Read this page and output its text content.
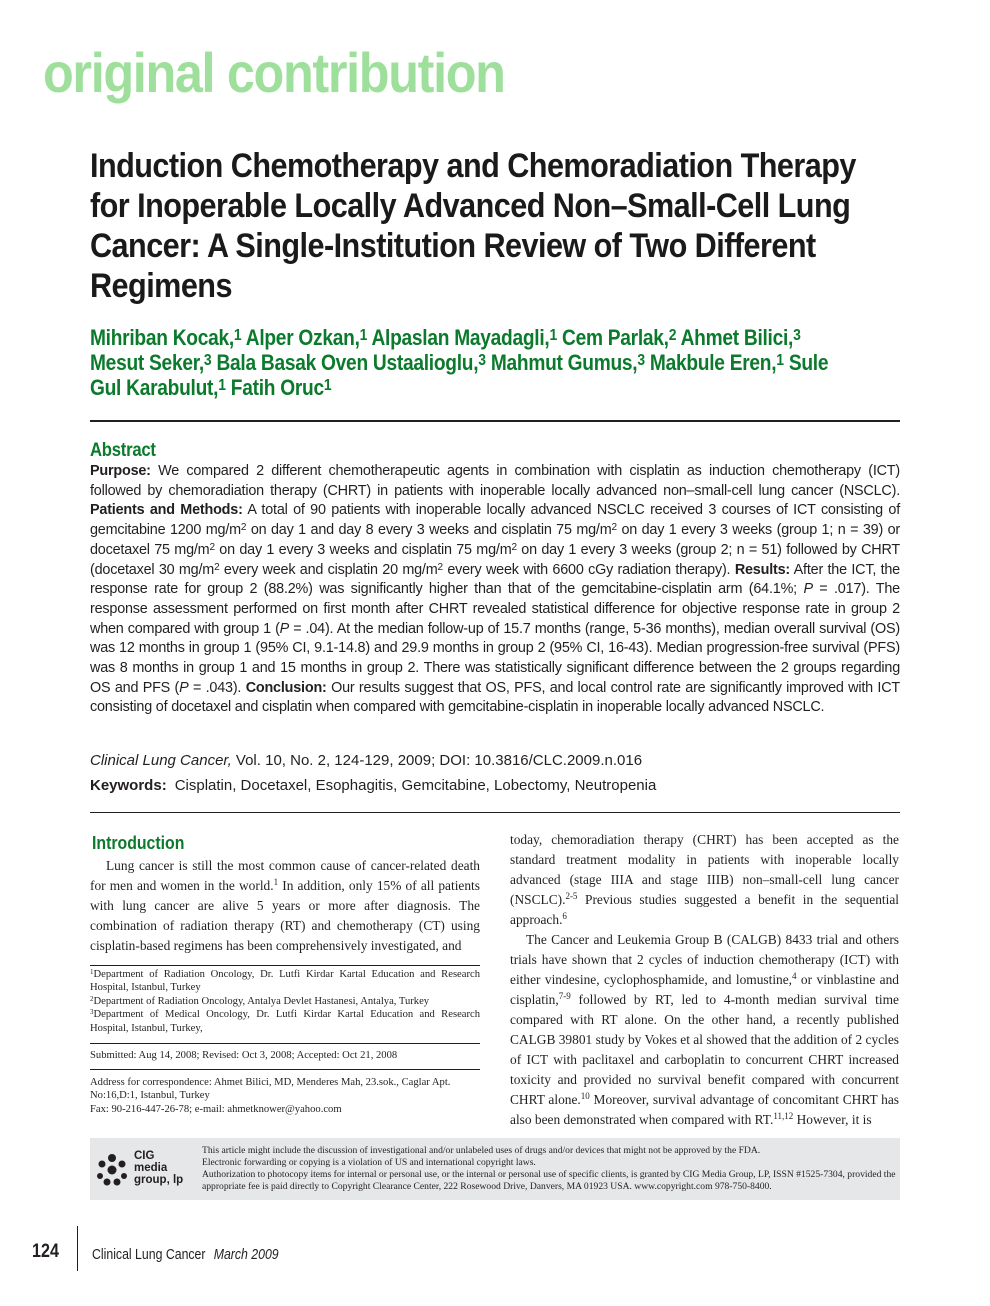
original contribution
Induction Chemotherapy and Chemoradiation Therapy for Inoperable Locally Advanced Non–Small-Cell Lung Cancer: A Single-Institution Review of Two Different Regimens
Mihriban Kocak,$^1$ Alper Ozkan,$^1$ Alpaslan Mayadagli,$^1$ Cem Parlak,$^2$ Ahmet Bilici,$^3$ Mesut Seker,$^3$ Bala Basak Oven Ustaalioglu,$^3$ Mahmut Gumus,$^3$ Makbule Eren,$^1$ Sule Gul Karabulut,$^1$ Fatih Oruc$^1$
Abstract

Purpose: We compared 2 different chemotherapeutic agents in combination with cisplatin as induction chemotherapy (ICT) followed by chemoradiation therapy (CHRT) in patients with inoperable locally advanced non–small-cell lung cancer (NSCLC). Patients and Methods: A total of 90 patients with inoperable locally advanced NSCLC received 3 courses of ICT consisting of gemcitabine 1200 $mg/m^2$ on day 1 and day 8 every 3 weeks and cisplatin 75 $mg/m^2$ on day 1 every 3 weeks (group 1; n = 39) or docetaxel 75 $mg/m^2$ on day 1 every 3 weeks and cisplatin 75 $mg/m^2$ on day 1 every 3 weeks (group 2; n = 51) followed by CHRT (docetaxel 30 $mg/m^2$ every week and cisplatin 20 $mg/m^2$ every week with 6600 cGy radiation therapy). Results: After the ICT, the response rate for group 2 (88.2%) was significantly higher than that of the gemcitabine-cisplatin arm (64.1%; P = .017). The response assessment performed on first month after CHRT revealed statistical difference for objective response rate in group 2 when compared with group 1 (P = .04). At the median follow-up of 15.7 months (range, 5-36 months), median overall survival (OS) was 12 months in group 1 (95% CI, 9.1-14.8) and 29.9 months in group 2 (95% CI, 16-43). Median progression-free survival (PFS) was 8 months in group 1 and 15 months in group 2. There was statistically significant difference between the 2 groups regarding OS and PFS (P = .043). Conclusion: Our results suggest that OS, PFS, and local control rate are significantly improved with ICT consisting of docetaxel and cisplatin when compared with gemcitabine-cisplatin in inoperable locally advanced NSCLC.

Clinical Lung Cancer, Vol. 10, No. 2, 124-129, 2009; DOI: 10.3816/CLC.2009.n.016
Keywords: Cisplatin, Docetaxel, Esophagitis, Gemcitabine, Lobectomy, Neutropenia
Introduction

Lung cancer is still the most common cause of cancer-related death for men and women in the world.$^1$ In addition, only 15% of all patients with lung cancer are alive 5 years or more after diagnosis. The combination of radiation therapy (RT) and chemotherapy (CT) using cisplatin-based regimens has been comprehensively investigated, and

$^1$Department of Radiation Oncology, Dr. Lutfi Kirdar Kartal Education and Research Hospital, Istanbul, Turkey

$^2$Department of Radiation Oncology, Antalya Devlet Hastanesi, Antalya, Turkey

$^3$Department of Medical Oncology, Dr. Lutfi Kirdar Kartal Education and Research Hospital, Istanbul, Turkey,

Submitted: Aug 14, 2008; Revised: Oct 3, 2008; Accepted: Oct 21, 2008

Address for correspondence: Ahmet Bilici, MD, Menderes Mah, 23.sok., Caglar Apt. No:16,D:1, Istanbul, Turkey

Fax: 90-216-447-26-78; e-mail: ahmetknower@yahoo.com

today, chemoradiation therapy (CHRT) has been accepted as the standard treatment modality in patients with inoperable locally advanced (stage IIIA and stage IIIB) non–small-cell lung cancer (NSCLC).$^{2-5}$ Previous studies suggested a benefit in the sequential approach.$^6$

The Cancer and Leukemia Group B (CALGB) 8433 trial and others trials have shown that 2 cycles of induction chemotherapy (ICT) with either vindesine, cyclophosphamide, and lomustine,$^4$ or vinblastine and cisplatin,$^{7-9}$ followed by RT, led to 4-month median survival time compared with RT alone. On the other hand, a recently published CALGB 39801 study by Vokes et al showed that the addition of 2 cycles of ICT with paclitaxel and carboplatin to concurrent CHRT increased toxicity and provided no survival benefit compared with concurrent CHRT alone.$^{10}$ Moreover, survival advantage of concomitant CHRT has also been demonstrated when compared with RT.$^{11,12}$ However, it is

CIG
media
group, lp

This article might include the discussion of investigational and/or unlabeled uses of drugs and/or devices that might not be approved by the FDA.

Electronic forwarding or copying is a violation of US and international copyright laws.

Authorization to photocopy items for internal or personal use, or the internal or personal use of specific clients, is granted by CIG Media Group, LP, ISSN #1525-7304, provided the appropriate fee is paid directly to Copyright Clearance Center, 222 Rosewood Drive, Danvers, MA 01923 USA. www.copyright.com 978-750-8400.

124 Clinical Lung Cancer March 2009
